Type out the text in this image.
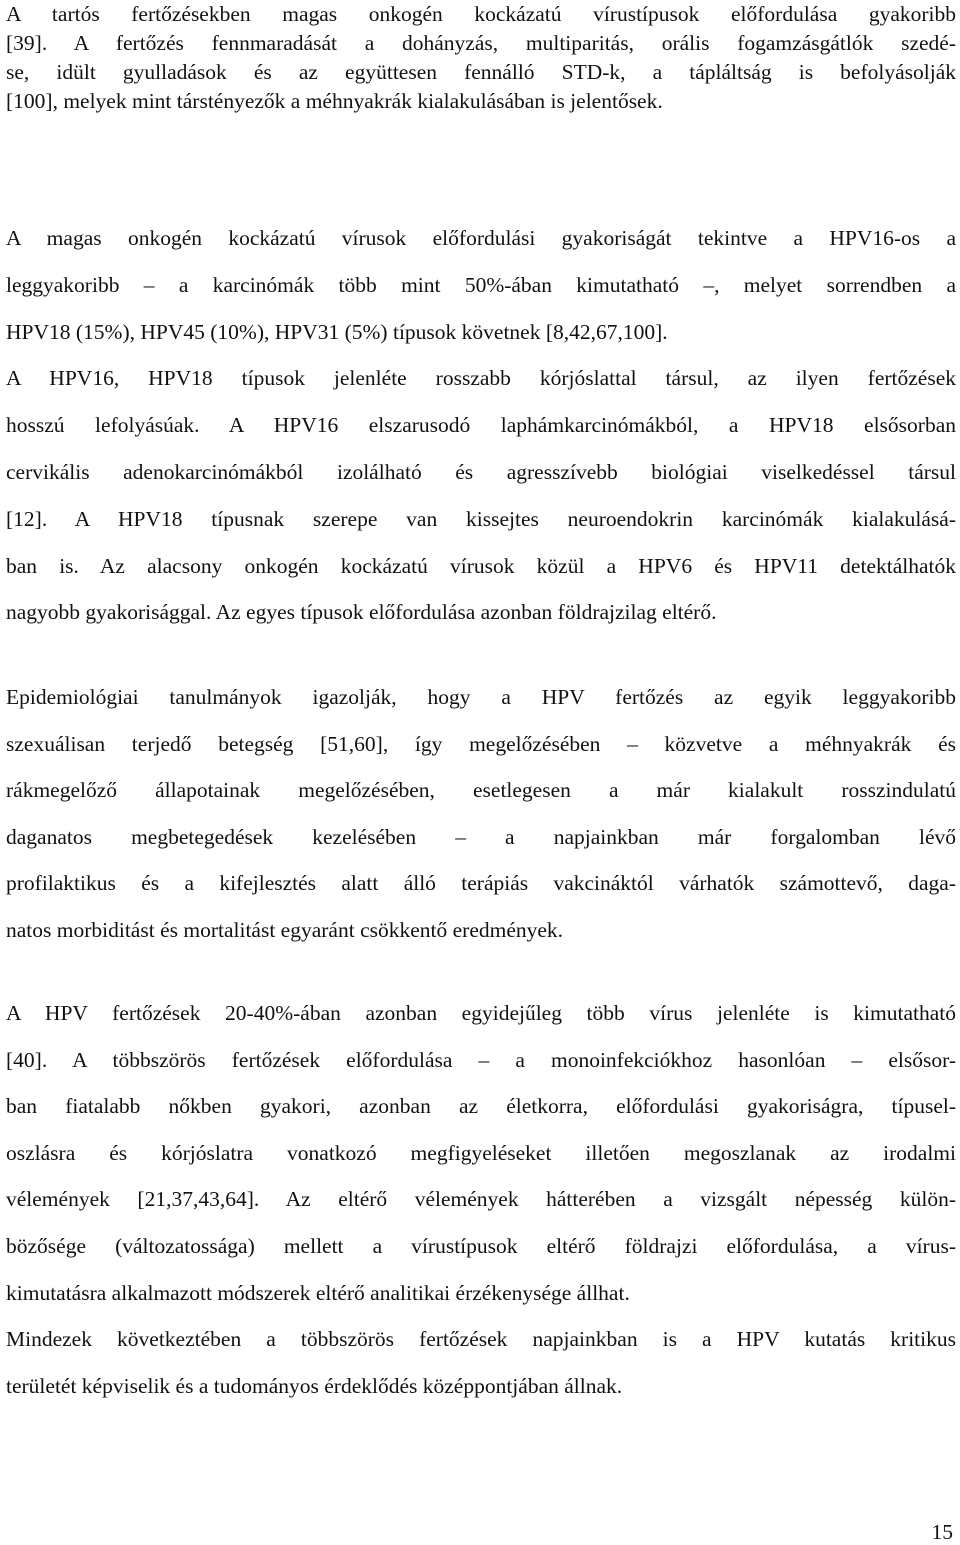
A tartós fertőzésekben magas onkogén kockázatú vírustípusok előfordulása gyakoribb
[39]. A fertőzés fennmaradását a dohányzás, multiparitás, orális fogamzásgátlók szedé-
se, idült gyulladások és az együttesen fennálló STD-k, a tápláltság is befolyásolják
[100], melyek mint társtényezők a méhnyakrák kialakulásában is jelentősek.
A magas onkogén kockázatú vírusok előfordulási gyakoriságát tekintve a HPV16-os a
leggyakoribb – a karcinómák több mint 50%-ában kimutatható –, melyet sorrendben a
HPV18 (15%), HPV45 (10%), HPV31 (5%) típusok követnek [8,42,67,100].
A HPV16, HPV18 típusok jelenléte rosszabb kórjóslattal társul, az ilyen fertőzések
hosszú lefolyásúak. A HPV16 elszarusodó laphámkarcinómákból, a HPV18 elsősorban
cervikális adenokarcinómákból izolálható és agresszívebb biológiai viselkedéssel társul
[12]. A HPV18 típusnak szerepe van kissejtes neuroendokrin karcinómák kialakulásá-
ban is. Az alacsony onkogén kockázatú vírusok közül a HPV6 és HPV11 detektálhatók
nagyobb gyakorisággal. Az egyes típusok előfordulása azonban földrajzilag eltérő.
Epidemiológiai tanulmányok igazolják, hogy a HPV fertőzés az egyik leggyakoribb
szexuálisan terjedő betegség [51,60], így megelőzésében – közvetve a méhnyakrák és
rákmegelőző állapotainak megelőzésében, esetlegesen a már kialakult rosszindulatú
daganatos megbetegedések kezelésében – a napjainkban már forgalomban lévő
profilaktikus és a kifejlesztés alatt álló terápiás vakcináktól várhatók számottevő, daga-
natos morbiditást és mortalitást egyaránt csökkentő eredmények.
A HPV fertőzések 20-40%-ában azonban egyidejűleg több vírus jelenléte is kimutatható
[40]. A többszörös fertőzések előfordulása – a monoinfekciókhoz hasonlóan – elsősor-
ban fiatalabb nőkben gyakori, azonban az életkorra, előfordulási gyakoriságra, típusel-
oszlásra és kórjóslatra vonatkozó megfigyeléseket illetően megoszlanak az irodalmi
vélemények [21,37,43,64]. Az eltérő vélemények hátterében a vizsgált népesség külön-
bözősége (változatossága) mellett a vírustípusok eltérő földrajzi előfordulása, a vírus-
kimutatásra alkalmazott módszerek eltérő analitikai érzékenysége állhat.
Mindezek következtében a többszörös fertőzések napjainkban is a HPV kutatás kritikus
területét képviselik és a tudományos érdeklődés középpontjában állnak.
15
